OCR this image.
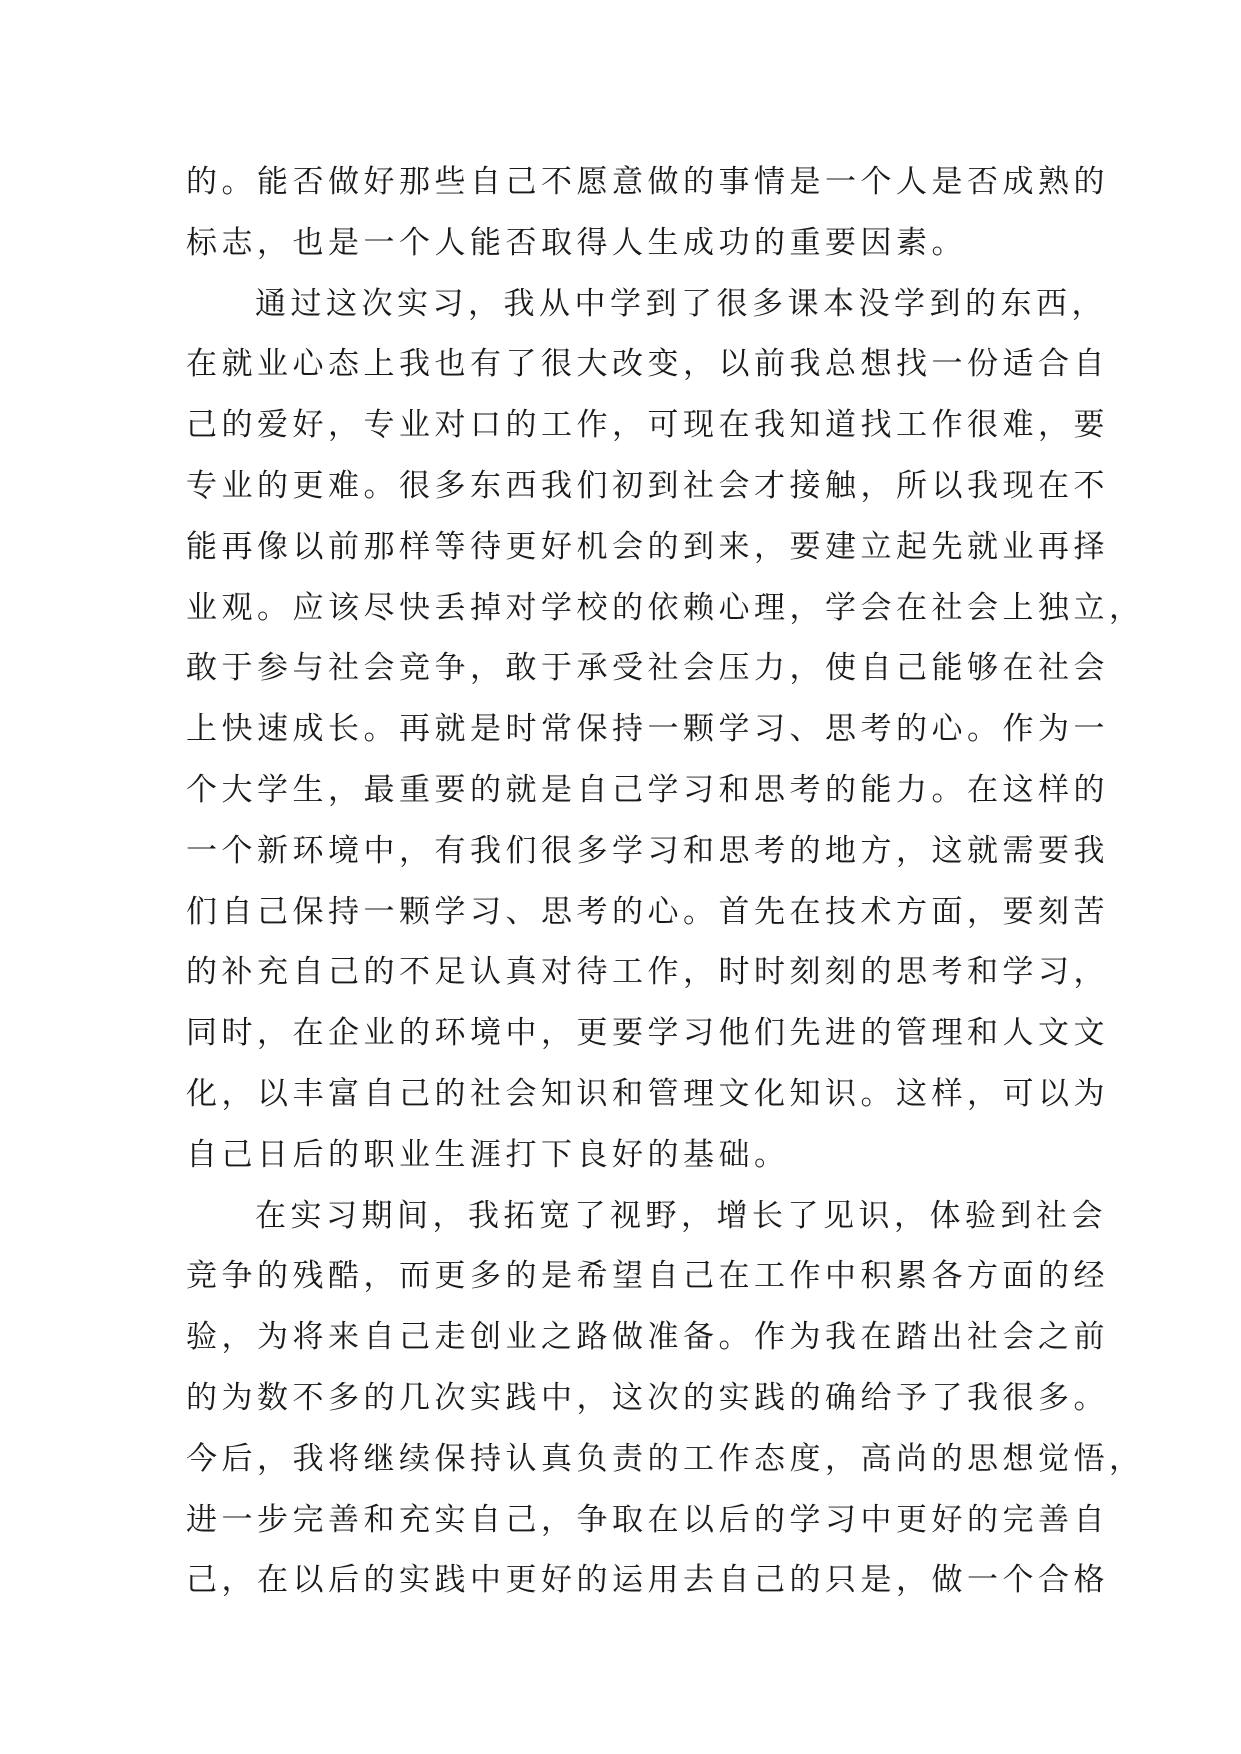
的。能否做好那些自己不愿意做的事情是一个人是否成熟的
标志，也是一个人能否取得人生成功的重要因素。
通过这次实习，我从中学到了很多课本没学到的东西，
在就业心态上我也有了很大改变，以前我总想找一份适合自
己的爱好，专业对口的工作，可现在我知道找工作很难，要
专业的更难。很多东西我们初到社会才接触，所以我现在不
能再像以前那样等待更好机会的到来，要建立起先就业再择
业观。应该尽快丢掉对学校的依赖心理，学会在社会上独立，
敢于参与社会竞争，敢于承受社会压力，使自己能够在社会
上快速成长。再就是时常保持一颗学习、思考的心。作为一
个大学生，最重要的就是自己学习和思考的能力。在这样的
一个新环境中，有我们很多学习和思考的地方，这就需要我
们自己保持一颗学习、思考的心。首先在技术方面，要刻苦
的补充自己的不足认真对待工作，时时刻刻的思考和学习，
同时，在企业的环境中，更要学习他们先进的管理和人文文
化，以丰富自己的社会知识和管理文化知识。这样，可以为
自己日后的职业生涯打下良好的基础。
在实习期间，我拓宽了视野，增长了见识，体验到社会
竞争的残酷，而更多的是希望自己在工作中积累各方面的经
验，为将来自己走创业之路做准备。作为我在踏出社会之前
的为数不多的几次实践中，这次的实践的确给予了我很多。
今后，我将继续保持认真负责的工作态度，高尚的思想觉悟，
进一步完善和充实自己，争取在以后的学习中更好的完善自
己，在以后的实践中更好的运用去自己的只是，做一个合格
